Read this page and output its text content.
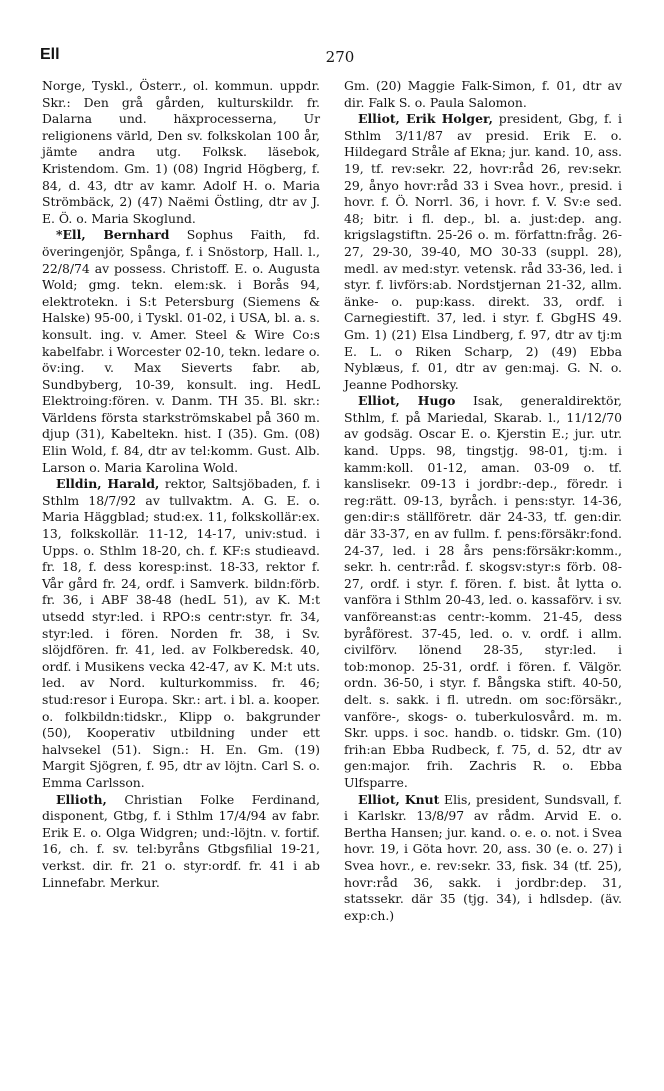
Ell	270

Norge, Tyskl., Österr., ol. kommun. uppdr. Skr.: Den grå gården, kulturskildr. fr. Dalarna und. häxprocesserna, Ur religionens värld, Den sv. folkskolan 100 år, jämte andra utg. Folksk. läsebok, Kristendom. Gm. 1) (08) Ingrid Högberg, f. 84, d. 43, dtr av kamr. Adolf H. o. Maria Strömbäck, 2) (47) Naëmi Östling, dtr av J. E. Ö. o. Maria Skoglund.

*Ell, Bernhard Sophus Faith, fd. överingenjör, Spånga, f. i Snöstorp, Hall. l., 22/8/74 av possess. Christoff. E. o. Augusta Wold; gmg. tekn. elem:sk. i Borås 94, elektrotekn. i S:t Petersburg (Siemens & Halske) 95-00, i Tyskl. 01-02, i USA, bl. a. s. konsult. ing. v. Amer. Steel & Wire Co:s kabelfabr. i Worcester 02-10, tekn. ledare o. öv:ing. v. Max Sieverts fabr. ab, Sundbyberg, 10-39, konsult. ing. HedL Elektroing:fören. v. Danm. TH 35. Bl. skr.: Världens första starkströmskabel på 360 m. djup (31), Kabeltekn. hist. I (35). Gm. (08) Elin Wold, f. 84, dtr av tel:komm. Gust. Alb. Larson o. Maria Karolina Wold.

Elldin, Harald, rektor, Saltsjöbaden, f. i Sthlm 18/7/92 av tullvaktm. A. G. E. o. Maria Häggblad; stud:ex. 11, folkskollär:ex. 13, folkskollär. 11-12, 14-17, univ:stud. i Upps. o. Sthlm 18-20, ch. f. KF:s studieavd. fr. 18, f. dess koresp:inst. 18-33, rektor f. Vår gård fr. 24, ordf. i Samverk. bildn:förb. fr. 36, i ABF 38-48 (hedL 51), av K. M:t utsedd styr:led. i RPO:s centr:styr. fr. 34, styr:led. i fören. Norden fr. 38, i Sv. slöjdfören. fr. 41, led. av Folkberedsk. 40, ordf. i Musikens vecka 42-47, av K. M:t uts. led. av Nord. kulturkommiss. fr. 46; stud:resor i Europa. Skr.: art. i bl. a. kooper. o. folkbildn:tidskr., Klipp o. bakgrunder (50), Kooperativ utbildning under ett halvsekel (51). Sign.: H. En. Gm. (19) Margit Sjögren, f. 95, dtr av löjtn. Carl S. o. Emma Carlsson.

Ellioth, Christian Folke Ferdinand, disponent, Gtbg, f. i Sthlm 17/4/94 av fabr. Erik E. o. Olga Widgren; und:-löjtn. v. fortif. 16, ch. f. sv. tel:byråns Gtbgsfilial 19-21, verkst. dir. fr. 21 o. styr:ordf. fr. 41 i ab Linnefabr. Merkur.

Gm. (20) Maggie Falk-Simon, f. 01, dtr av dir. Falk S. o. Paula Salomon.

Elliot, Erik Holger, president, Gbg, f. i Sthlm 3/11/87 av presid. Erik E. o. Hildegard Stråle af Ekna; jur. kand. 10, ass. 19, tf. rev:sekr. 22, hovr:råd 26, rev:sekr. 29, ånyo hovr:råd 33 i Svea hovr., presid. i hovr. f. Ö. Norrl. 36, i hovr. f. V. Sv:e sed. 48; bitr. i fl. dep., bl. a. just:dep. ang. krigslagstiftn. 25-26 o. m. författn:fråg. 26-27, 29-30, 39-40, MO 30-33 (suppl. 28), medl. av med:styr. vetensk. råd 33-36, led. i styr. f. livförs:ab. Nordstjernan 21-32, allm. änke- o. pup:kass. direkt. 33, ordf. i Carnegiestift. 37, led. i styr. f. GbgHS 49. Gm. 1) (21) Elsa Lindberg, f. 97, dtr av tj:m E. L. o Riken Scharp, 2) (49) Ebba Nyblæus, f. 01, dtr av gen:maj. G. N. o. Jeanne Podhorsky.

Elliot, Hugo Isak, generaldirektör, Sthlm, f. på Mariedal, Skarab. l., 11/12/70 av godsäg. Oscar E. o. Kjerstin E.; jur. utr. kand. Upps. 98, tingstjg. 98-01, tj:m. i kamm:koll. 01-12, aman. 03-09 o. tf. kanslisekr. 09-13 i jordbr:-dep., föredr. i reg:rätt. 09-13, byråch. i pens:styr. 14-36, gen:dir:s ställföretr. där 24-33, tf. gen:dir. där 33-37, en av fullm. f. pens:försäkr:fond. 24-37, led. i 28 års pens:försäkr:komm., sekr. h. centr:råd. f. skogsv:styr:s förb. 08-27, ordf. i styr. f. fören. f. bist. åt lytta o. vanföra i Sthlm 20-43, led. o. kassaförv. i sv. vanföreanst:as centr:-komm. 21-45, dess byråförest. 37-45, led. o. v. ordf. i allm. civilförv. lönend 28-35, styr:led. i tob:monop. 25-31, ordf. i fören. f. Välgör. ordn. 36-50, i styr. f. Bångska stift. 40-50, delt. s. sakk. i fl. utredn. om soc:försäkr., vanföre-, skogs- o. tuberkulosvård. m. m. Skr. upps. i soc. handb. o. tidskr. Gm. (10) frih:an Ebba Rudbeck, f. 75, d. 52, dtr av gen:major. frih. Zachris R. o. Ebba Ulfsparre.

Elliot, Knut Elis, president, Sundsvall, f. i Karlskr. 13/8/97 av rådm. Arvid E. o. Bertha Hansen; jur. kand. o. e. o. not. i Svea hovr. 19, i Göta hovr. 20, ass. 30 (e. o. 27) i Svea hovr., e. rev:sekr. 33, fisk. 34 (tf. 25), hovr:råd 36, sakk. i jordbr:dep. 31, statssekr. där 35 (tjg. 34), i hdlsdep. (äv. exp:ch.)
